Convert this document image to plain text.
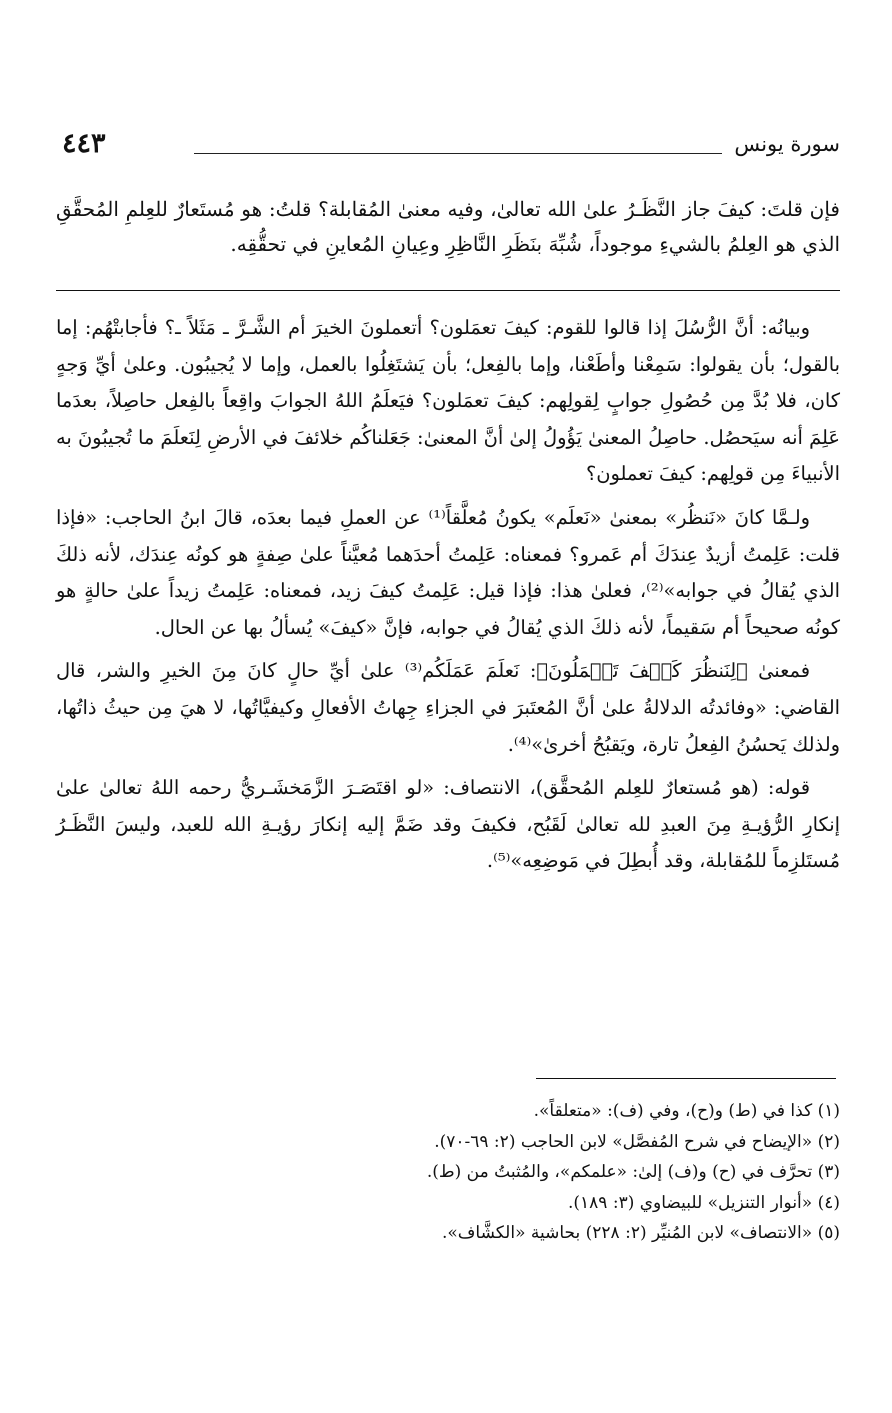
سورة يونس
٤٤٣
فإن قلتَ: كيفَ جاز النَّظَـرُ علىٰ الله تعالىٰ، وفيه معنىٰ المُقابلة؟ قلتُ: هو مُستَعارٌ للعِلمِ المُحقَّقِ الذي هو العِلمُ بالشيءِ موجوداً، شُبِّهَ بنَظَرِ النَّاظِرِ وعِيانِ المُعاينِ في تحقُّقِه.

وبيانُه: أنَّ الرُّسُلَ إذا قالوا للقوم: كيفَ تعمَلون؟ أتعملونَ الخيرَ أم الشَّـرَّ ـ مَثَلاً ـ؟ فأجابتْهُم: إما بالقول؛ بأن يقولوا: سَمِعْنا وأطَعْنا، وإما بالفِعل؛ بأن يَشتَغِلُوا بالعمل، وإما لا يُجيبُون. وعلىٰ أيِّ وَجهٍ كان، فلا بُدَّ مِن حُصُولِ جوابٍ لِقولِهم: كيفَ تعمَلون؟ فيَعلَمُ اللهُ الجوابَ واقِعاً بالفِعل حاصِلاً، بعدَما عَلِمَ أنه سيَحصُل. حاصِلُ المعنىٰ يَؤُولُ إلىٰ أنَّ المعنىٰ: جَعَلناكُم خلائفَ في الأرضِ لِنَعلَمَ ما تُجيبُونَ به الأنبياءَ مِن قولِهم: كيفَ تعملون؟

ولـمَّا كانَ «نَنظُر» بمعنىٰ «نَعلَم» يكونُ مُعلَّقاً⁽¹⁾ عن العملِ فيما بعدَه، قالَ ابنُ الحاجب: «فإذا قلت: عَلِمتُ أزيدٌ عِندَكَ أم عَمرو؟ فمعناه: عَلِمتُ أحدَهما مُعيَّناً علىٰ صِفةٍ هو كونُه عِندَك، لأنه ذلكَ الذي يُقالُ في جوابه»⁽²⁾، فعلىٰ هذا: فإذا قيل: عَلِمتُ كيفَ زيد، فمعناه: عَلِمتُ زيداً علىٰ حالةٍ هو كونُه صحيحاً أم سَقيماً، لأنه ذلكَ الذي يُقالُ في جوابه، فإنَّ «كيفَ» يُسألُ بها عن الحال.

فمعنىٰ ﴿لِنَنظُرَ كَيۡفَ تَعۡمَلُونَ﴾: نَعلَمَ عَمَلَكُم⁽³⁾ علىٰ أيِّ حالٍ كانَ مِنَ الخيرِ والشر، قال القاضي: «وفائدتُه الدلالةُ علىٰ أنَّ المُعتَبرَ في الجزاءِ جِهاتُ الأفعالِ وكيفيَّاتُها، لا هيَ مِن حيثُ ذاتُها، ولذلك يَحسُنُ الفِعلُ تارة، ويَقبُحُ أخرىٰ»⁽⁴⁾.

قوله: (هو مُستعارٌ للعِلم المُحقَّق)، الانتصاف: «لو اقتَصَـرَ الزَّمَخشَـريُّ رحمه اللهُ تعالىٰ علىٰ إنكارِ الرُّؤيـةِ مِنَ العبدِ لله تعالىٰ لَقَبُح، فكيفَ وقد ضَمَّ إليه إنكارَ رؤيـةِ الله للعبد، وليسَ النَّظَـرُ مُستَلزِماً للمُقابلة، وقد أُبطِلَ في مَوضِعِه»⁽⁵⁾.

(١) كذا في (ط) و(ح)، وفي (ف): «متعلقاً».
(٢) «الإيضاح في شرح المُفصَّل» لابن الحاجب (٢: ٦٩-٧٠).
(٣) تحرَّف في (ح) و(ف) إلىٰ: «علمكم»، والمُثبتُ من (ط).
(٤) «أنوار التنزيل» للبيضاوي (٣: ١٨٩).
(٥) «الانتصاف» لابن المُنيِّر (٢: ٢٢٨) بحاشية «الكشَّاف».
